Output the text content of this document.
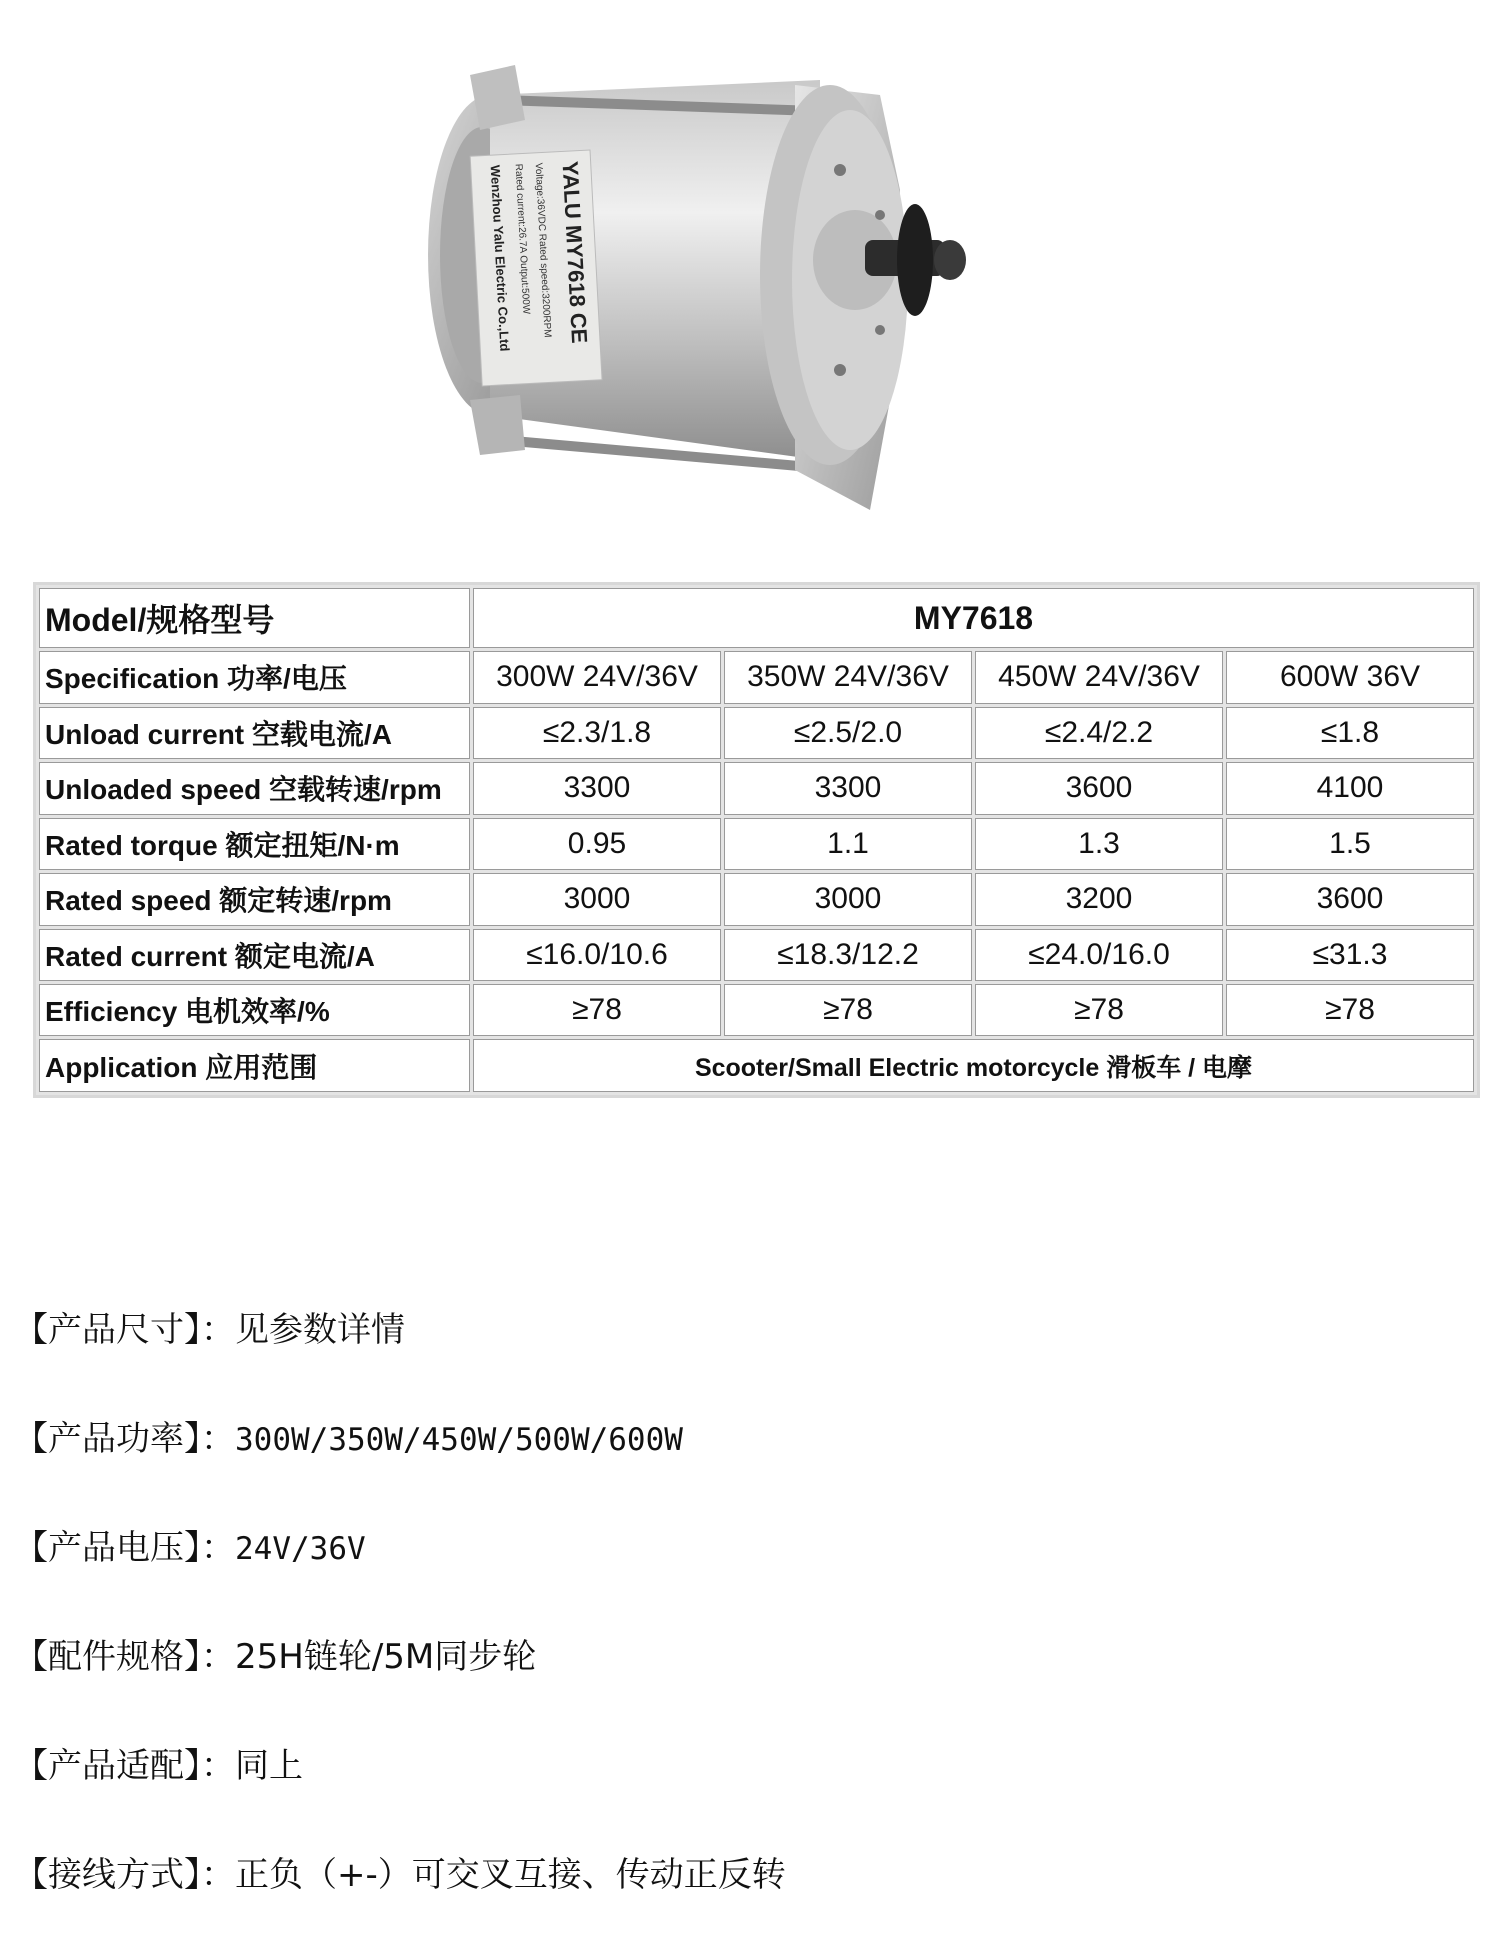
YALU MY7618 CE
Voltage:36VDC Rated speed:3200RPM
Rated current:26.7A Output:500W
Wenzhou Yalu Electric Co.,Ltd
Model/规格型号	MY7618			
Specification 功率/电压	300W 24V/36V	350W 24V/36V	450W 24V/36V	600W 36V
Unload current 空载电流/A	≤2.3/1.8	≤2.5/2.0	≤2.4/2.2	≤1.8
Unloaded speed 空载转速/rpm	3300	3300	3600	4100
Rated torque 额定扭矩/N·m	0.95	1.1	1.3	1.5
Rated speed 额定转速/rpm	3000	3000	3200	3600
Rated current 额定电流/A	≤16.0/10.6	≤18.3/12.2	≤24.0/16.0	≤31.3
Efficiency 电机效率/%	≥78	≥78	≥78	≥78
Application 应用范围	Scooter/Small Electric motorcycle 滑板车 / 电摩			
【产品尺寸】：见参数详情
【产品功率】：300W/350W/450W/500W/600W
【产品电压】：24V/36V
【配件规格】：25H链轮/5M同步轮
【产品适配】：同上
【接线方式】：正负（+-）可交叉互接、传动正反转
